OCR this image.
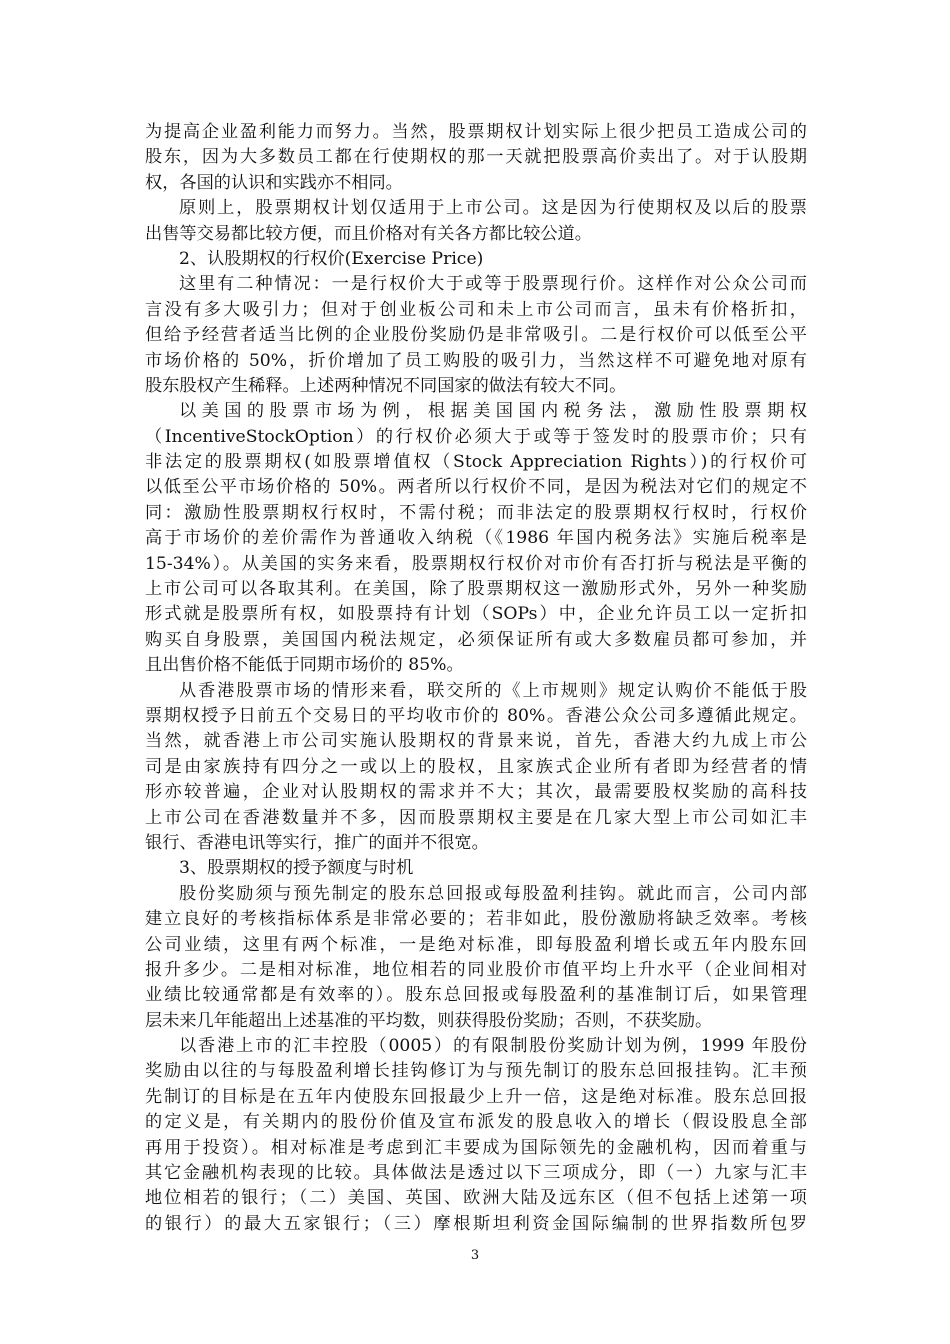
为提高企业盈利能力而努力。当然，股票期权计划实际上很少把员工造成公司的
股东，因为大多数员工都在行使期权的那一天就把股票高价卖出了。对于认股期
权，各国的认识和实践亦不相同。
原则上，股票期权计划仅适用于上市公司。这是因为行使期权及以后的股票
出售等交易都比较方便，而且价格对有关各方都比较公道。
2、认股期权的行权价(Exercise Price)
这里有二种情况：一是行权价大于或等于股票现行价。这样作对公众公司而
言没有多大吸引力；但对于创业板公司和未上市公司而言，虽未有价格折扣，
但给予经营者适当比例的企业股份奖励仍是非常吸引。二是行权价可以低至公平
市场价格的 50%，折价增加了员工购股的吸引力，当然这样不可避免地对原有
股东股权产生稀释。上述两种情况不同国家的做法有较大不同。
以美国的股票市场为例，根据美国国内税务法，激励性股票期权
（IncentiveStockOption）的行权价必须大于或等于签发时的股票市价；只有
非法定的股票期权(如股票增值权（Stock Appreciation Rights）)的行权价可
以低至公平市场价格的 50%。两者所以行权价不同，是因为税法对它们的规定不
同：激励性股票期权行权时，不需付税；而非法定的股票期权行权时，行权价
高于市场价的差价需作为普通收入纳税（《1986 年国内税务法》实施后税率是
15-34%）。从美国的实务来看，股票期权行权价对市价有否打折与税法是平衡的
上市公司可以各取其利。在美国，除了股票期权这一激励形式外，另外一种奖励
形式就是股票所有权，如股票持有计划（SOPs）中，企业允许员工以一定折扣
购买自身股票，美国国内税法规定，必须保证所有或大多数雇员都可参加，并
且出售价格不能低于同期市场价的 85%。
从香港股票市场的情形来看，联交所的《上市规则》规定认购价不能低于股
票期权授予日前五个交易日的平均收市价的 80%。香港公众公司多遵循此规定。
当然，就香港上市公司实施认股期权的背景来说，首先，香港大约九成上市公
司是由家族持有四分之一或以上的股权，且家族式企业所有者即为经营者的情
形亦较普遍，企业对认股期权的需求并不大；其次，最需要股权奖励的高科技
上市公司在香港数量并不多，因而股票期权主要是在几家大型上市公司如汇丰
银行、香港电讯等实行，推广的面并不很宽。
3、股票期权的授予额度与时机
股份奖励须与预先制定的股东总回报或每股盈利挂钩。就此而言，公司内部
建立良好的考核指标体系是非常必要的；若非如此，股份激励将缺乏效率。考核
公司业绩，这里有两个标准，一是绝对标准，即每股盈利增长或五年内股东回
报升多少。二是相对标准，地位相若的同业股价市值平均上升水平（企业间相对
业绩比较通常都是有效率的）。股东总回报或每股盈利的基准制订后，如果管理
层未来几年能超出上述基准的平均数，则获得股份奖励；否则，不获奖励。
以香港上市的汇丰控股（0005）的有限制股份奖励计划为例，1999 年股份
奖励由以往的与每股盈利增长挂钩修订为与预先制订的股东总回报挂钩。汇丰预
先制订的目标是在五年内使股东回报最少上升一倍，这是绝对标准。股东总回报
的定义是，有关期内的股份价值及宣布派发的股息收入的增长（假设股息全部
再用于投资）。相对标准是考虑到汇丰要成为国际领先的金融机构，因而着重与
其它金融机构表现的比较。具体做法是透过以下三项成分，即（一）九家与汇丰
地位相若的银行；（二）美国、英国、欧洲大陆及远东区（但不包括上述第一项
的银行）的最大五家银行；（三）摩根斯坦利资金国际编制的世界指数所包罗
3
